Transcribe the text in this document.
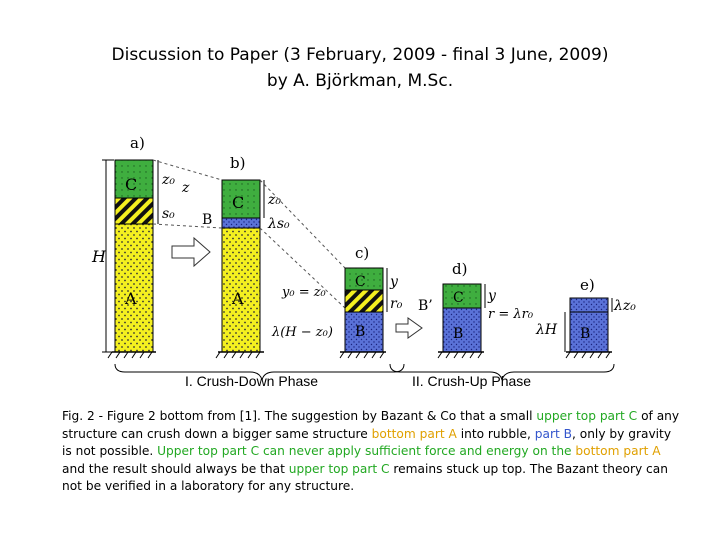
Discussion to Paper (3 February, 2009 - final 3 June, 2009)
by A. Björkman, M.Sc.
a)
C
A
H
z₀
s₀
z
B
b)
C
A
z₀
λs₀
c)
C
B
y₀ = z₀
λ(H − z₀)
y
r₀
d)
C
B
B’
y
r = λr₀
e)
B
λH
λz₀
I. Crush-Down Phase	II. Crush-Up Phase
Fig. 2 - Figure 2 bottom from [1]. The suggestion by Bazant & Co that a small upper top part C of any structure can crush down a bigger same structure bottom part A into rubble, part B, only by gravity is not possible. Upper top part C can never apply sufficient force and energy on the bottom part A and the result should always be that upper top part C remains stuck up top. The Bazant theory can not be verified in a laboratory for any structure.
